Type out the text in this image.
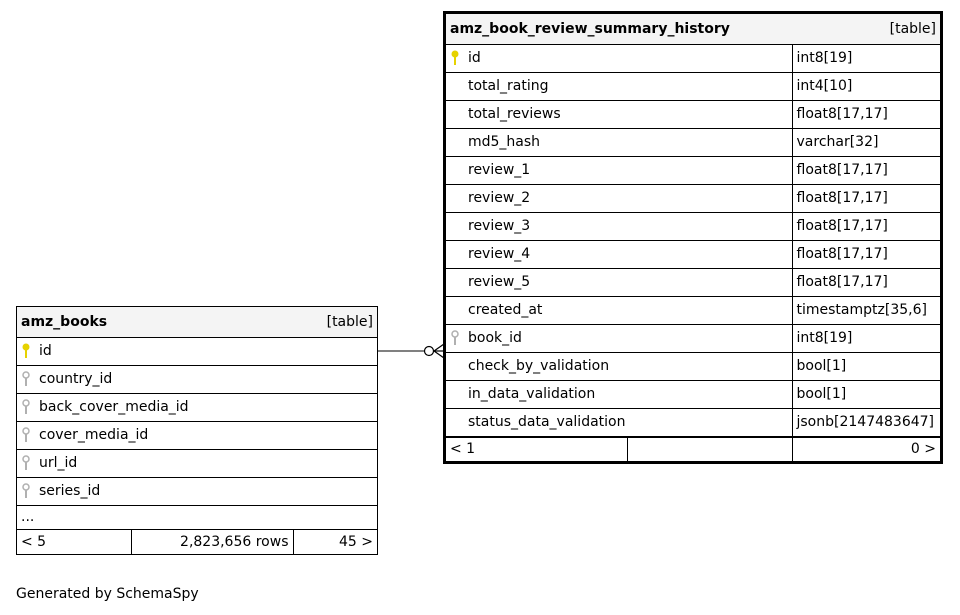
amz_book_review_summary_history [table]	

id	int8[19]
total_rating	int4[10]
total_reviews	float8[17,17]
md5_hash	varchar[32]
review_1	float8[17,17]
review_2	float8[17,17]
review_3	float8[17,17]
review_4	float8[17,17]
review_5	float8[17,17]
created_at	timestamptz[35,6]

book_id	int8[19]
check_by_validation	bool[1]
in_data_validation	bool[1]
status_data_validation	jsonb[2147483647]
< 1		0 >
amz_books	[table]

id

country_id

back_cover_media_id

cover_media_id

url_id

series_id
...
< 5	2,823,656 rows	45 >
Generated by SchemaSpy
